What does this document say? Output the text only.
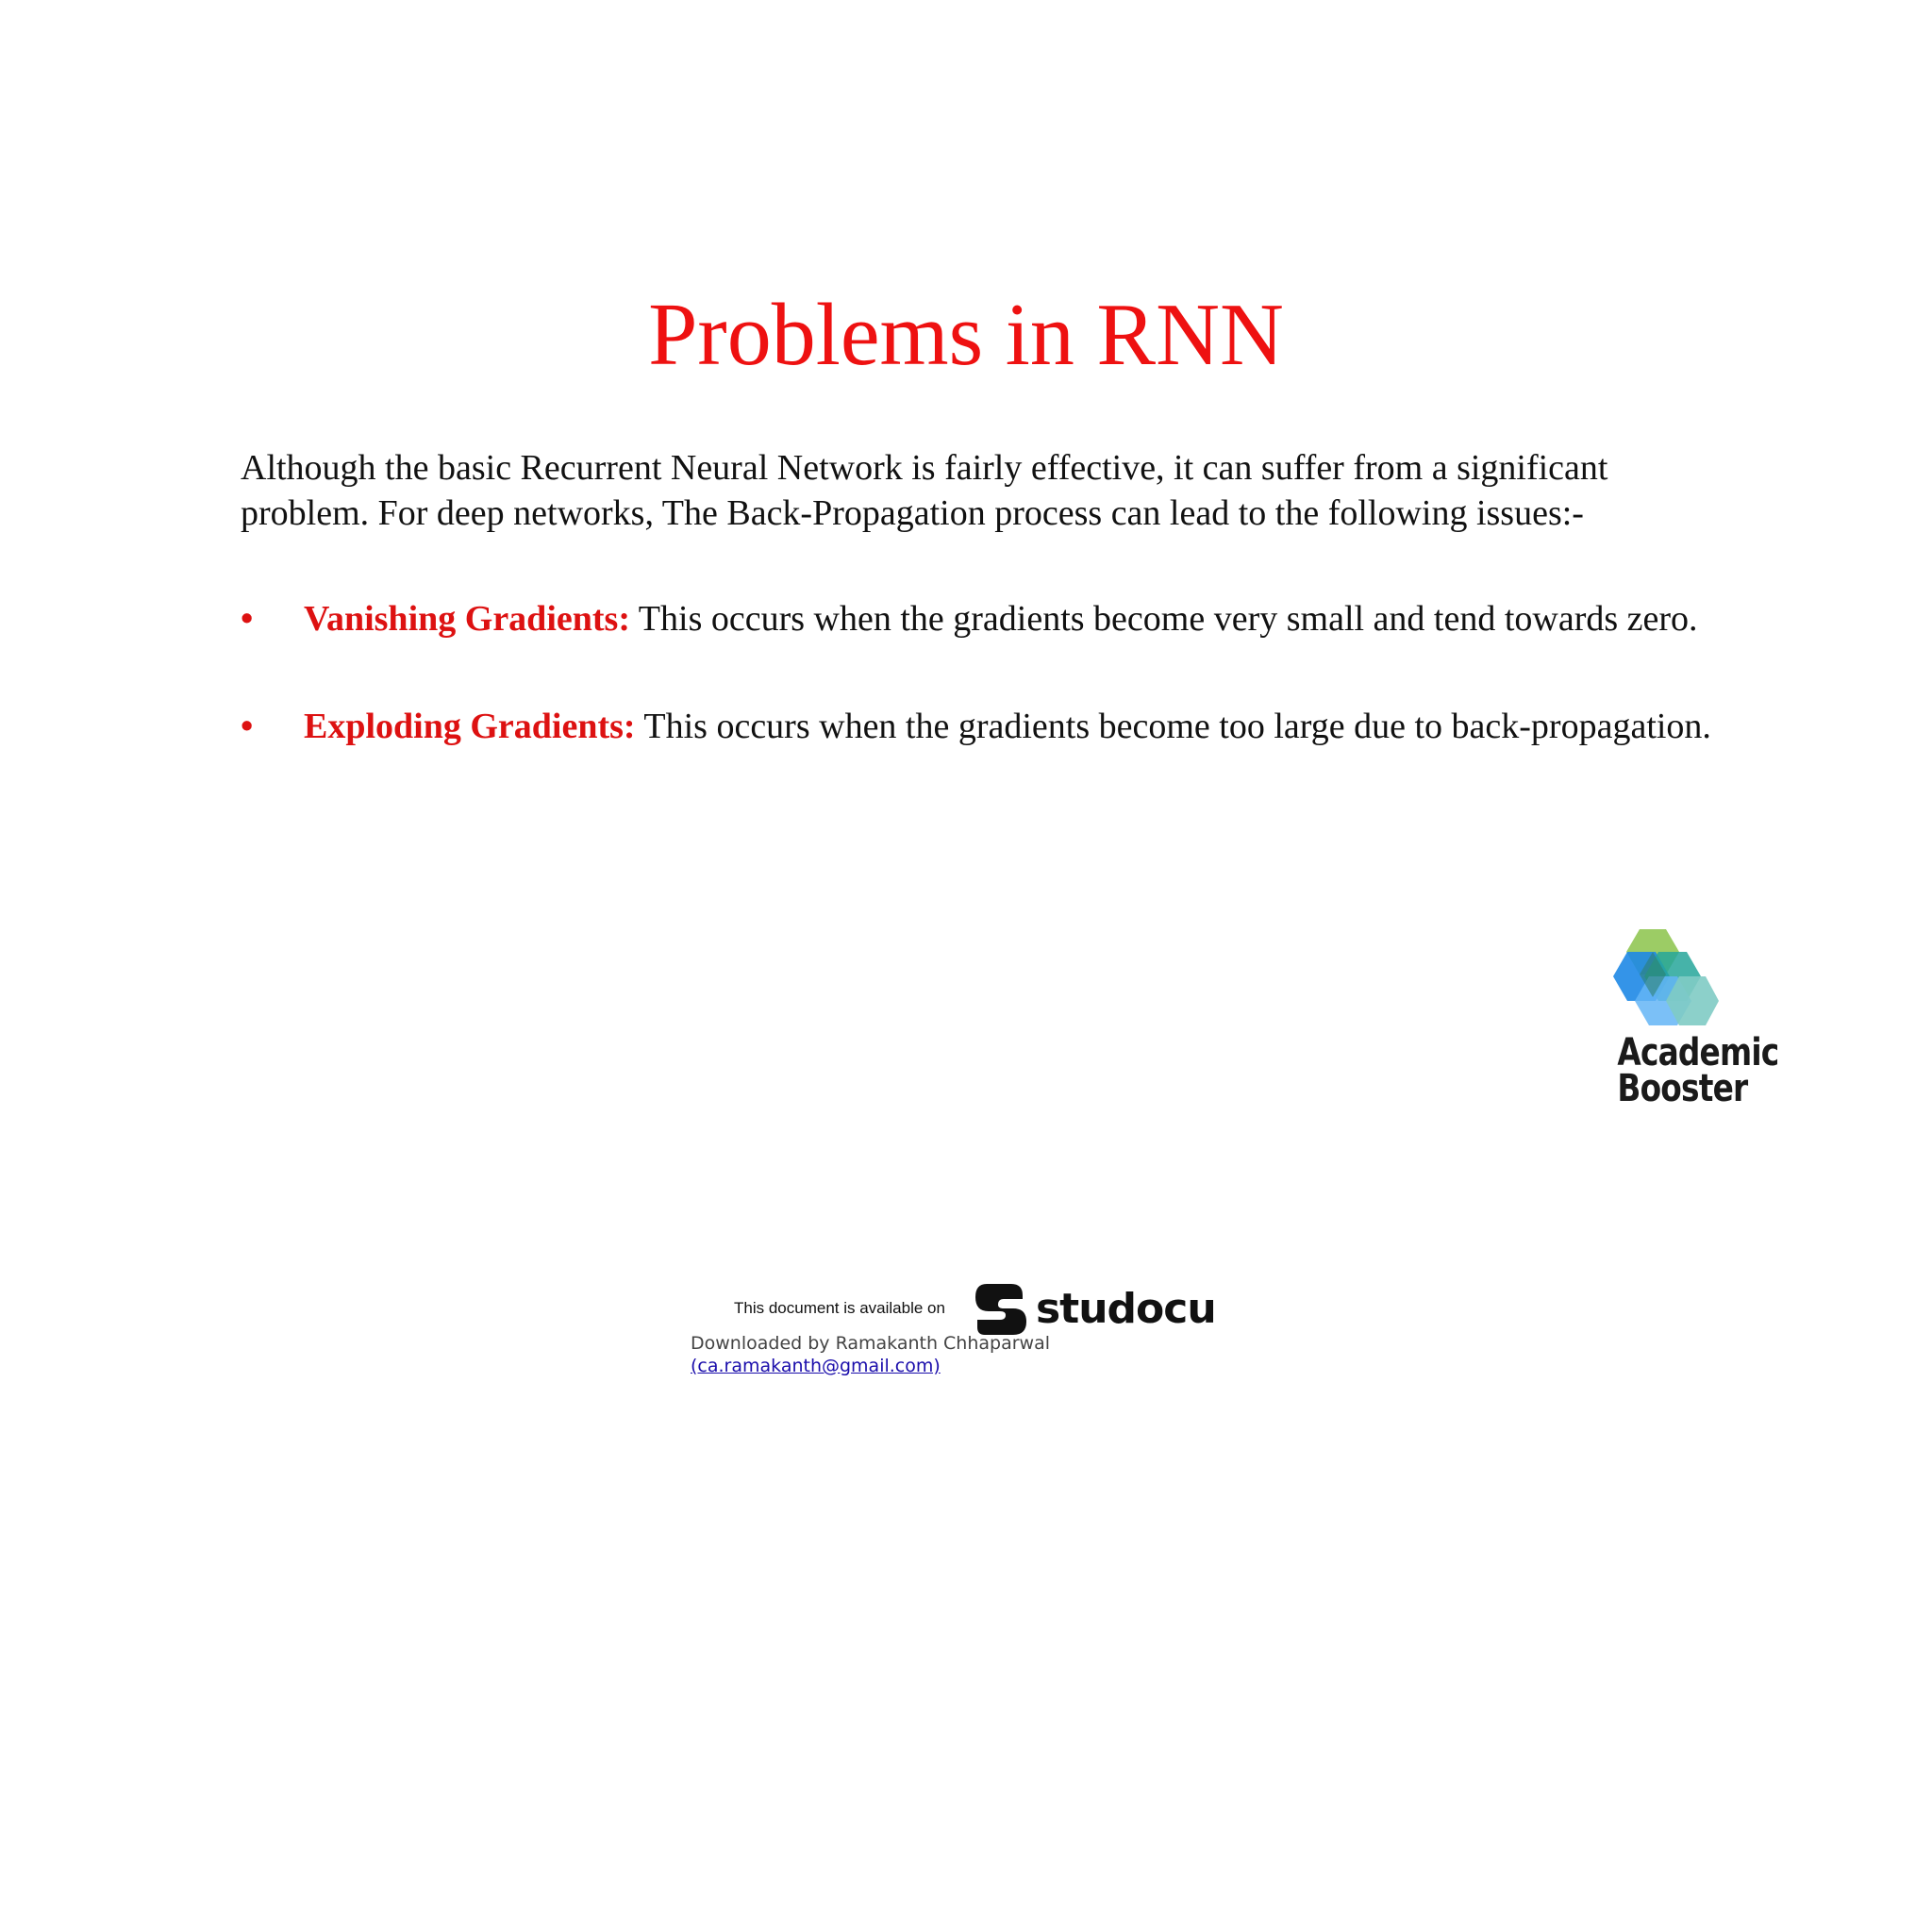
Problems in RNN

Although the basic Recurrent Neural Network is fairly effective, it can suffer from a significant problem. For deep networks, The Back-Propagation process can lead to the following issues:-

• Vanishing Gradients: This occurs when the gradients become very small and tend towards zero.
• Exploding Gradients: This occurs when the gradients become too large due to back-propagation.
Academic
Booster
This document is available on studocu
Downloaded by Ramakanth Chhaparwal
(ca.ramakanth@gmail.com)
